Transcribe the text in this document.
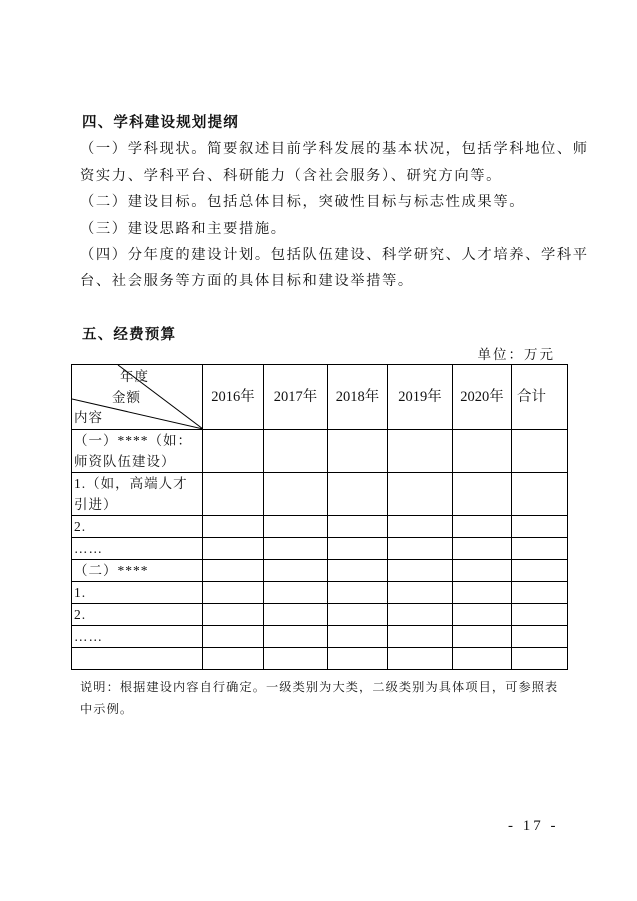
四、学科建设规划提纲
（一）学科现状。简要叙述目前学科发展的基本状况，包括学科地位、师
资实力、学科平台、科研能力（含社会服务）、研究方向等。
（二）建设目标。包括总体目标，突破性目标与标志性成果等。
（三）建设思路和主要措施。
（四）分年度的建设计划。包括队伍建设、科学研究、人才培养、学科平
台、社会服务等方面的具体目标和建设举措等。
五、经费预算
单位：万元
年度
金额
内容	2016年	2017年	2018年	2019年	2020年	合计
（一）****（如：师资队伍建设）						
1.（如，高端人才引进）						
2.						
……						
（二）****						
1.						
2.						
……						

说明：根据建设内容自行确定。一级类别为大类，二级类别为具体项目，可参照表中示例。
- 17 -
